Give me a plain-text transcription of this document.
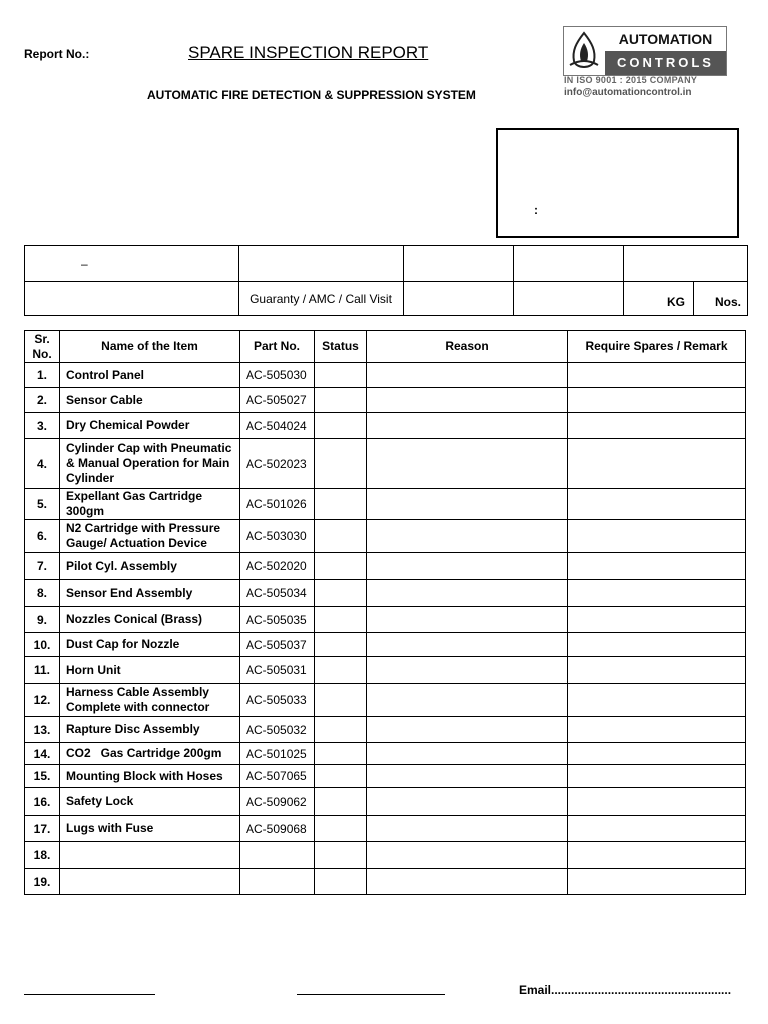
Report No.:	SPARE INSPECTION REPORT
AUTOMATIC FIRE DETECTION & SUPPRESSION SYSTEM
AUTOMATION
CONTROLS
IN ISO 9001 : 2015 COMPANY
info@automationcontrol.in
:
–					
	Guaranty / AMC / Call Visit			KG	Nos.
Sr. No.	Name of the Item	Part No.	Status	Reason	Require Spares / Remark
1.	Control Panel	AC-505030			
2.	Sensor Cable	AC-505027			
3.	Dry Chemical Powder	AC-504024			
4.	Cylinder Cap with Pneumatic & Manual Operation for Main Cylinder	AC-502023			
5.	Expellant Gas Cartridge 300gm	AC-501026			
6.	N2 Cartridge with Pressure Gauge/ Actuation Device	AC-503030			
7.	Pilot Cyl. Assembly	AC-502020			
8.	Sensor End Assembly	AC-505034			
9.	Nozzles Conical (Brass)	AC-505035			
10.	Dust Cap for Nozzle	AC-505037			
11.	Horn Unit	AC-505031			
12.	Harness Cable Assembly Complete with connector	AC-505033			
13.	Rapture Disc Assembly	AC-505032			
14.	CO2   Gas Cartridge 200gm	AC-501025			
15.	Mounting Block with Hoses	AC-507065			
16.	Safety Lock	AC-509062			
17.	Lugs with Fuse	AC-509068			
18.					
19.					
Email......................................................
